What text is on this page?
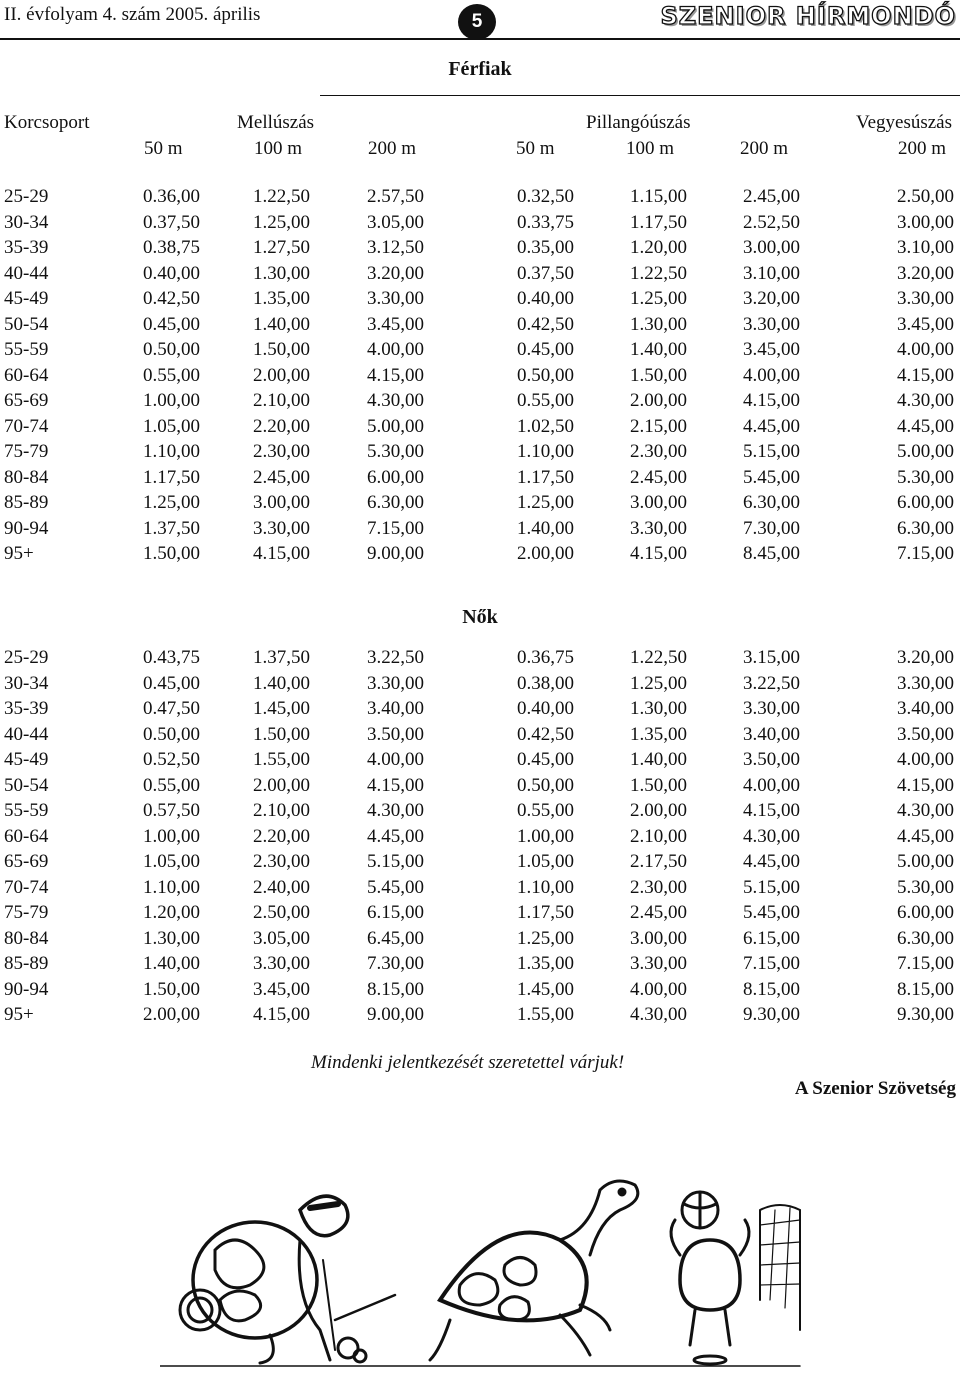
II. évfolyam 4. szám 2005. április	5	SZENIOR HÍRMONDÓ
Férfiak
Korcsoport	Mellúszás	Pillangóúszás	Vegyesúszás
50 m	100 m	200 m	50 m	100 m	200 m	200 m
25-29	0.36,00	1.22,50	2.57,50	0.32,50	1.15,00	2.45,00	2.50,00
30-34	0.37,50	1.25,00	3.05,00	0.33,75	1.17,50	2.52,50	3.00,00
35-39	0.38,75	1.27,50	3.12,50	0.35,00	1.20,00	3.00,00	3.10,00
40-44	0.40,00	1.30,00	3.20,00	0.37,50	1.22,50	3.10,00	3.20,00
45-49	0.42,50	1.35,00	3.30,00	0.40,00	1.25,00	3.20,00	3.30,00
50-54	0.45,00	1.40,00	3.45,00	0.42,50	1.30,00	3.30,00	3.45,00
55-59	0.50,00	1.50,00	4.00,00	0.45,00	1.40,00	3.45,00	4.00,00
60-64	0.55,00	2.00,00	4.15,00	0.50,00	1.50,00	4.00,00	4.15,00
65-69	1.00,00	2.10,00	4.30,00	0.55,00	2.00,00	4.15,00	4.30,00
70-74	1.05,00	2.20,00	5.00,00	1.02,50	2.15,00	4.45,00	4.45,00
75-79	1.10,00	2.30,00	5.30,00	1.10,00	2.30,00	5.15,00	5.00,00
80-84	1.17,50	2.45,00	6.00,00	1.17,50	2.45,00	5.45,00	5.30,00
85-89	1.25,00	3.00,00	6.30,00	1.25,00	3.00,00	6.30,00	6.00,00
90-94	1.37,50	3.30,00	7.15,00	1.40,00	3.30,00	7.30,00	6.30,00
95+	1.50,00	4.15,00	9.00,00	2.00,00	4.15,00	8.45,00	7.15,00
Nők
25-29	0.43,75	1.37,50	3.22,50	0.36,75	1.22,50	3.15,00	3.20,00
30-34	0.45,00	1.40,00	3.30,00	0.38,00	1.25,00	3.22,50	3.30,00
35-39	0.47,50	1.45,00	3.40,00	0.40,00	1.30,00	3.30,00	3.40,00
40-44	0.50,00	1.50,00	3.50,00	0.42,50	1.35,00	3.40,00	3.50,00
45-49	0.52,50	1.55,00	4.00,00	0.45,00	1.40,00	3.50,00	4.00,00
50-54	0.55,00	2.00,00	4.15,00	0.50,00	1.50,00	4.00,00	4.15,00
55-59	0.57,50	2.10,00	4.30,00	0.55,00	2.00,00	4.15,00	4.30,00
60-64	1.00,00	2.20,00	4.45,00	1.00,00	2.10,00	4.30,00	4.45,00
65-69	1.05,00	2.30,00	5.15,00	1.05,00	2.17,50	4.45,00	5.00,00
70-74	1.10,00	2.40,00	5.45,00	1.10,00	2.30,00	5.15,00	5.30,00
75-79	1.20,00	2.50,00	6.15,00	1.17,50	2.45,00	5.45,00	6.00,00
80-84	1.30,00	3.05,00	6.45,00	1.25,00	3.00,00	6.15,00	6.30,00
85-89	1.40,00	3.30,00	7.30,00	1.35,00	3.30,00	7.15,00	7.15,00
90-94	1.50,00	3.45,00	8.15,00	1.45,00	4.00,00	8.15,00	8.15,00
95+	2.00,00	4.15,00	9.00,00	1.55,00	4.30,00	9.30,00	9.30,00
Mindenki jelentkezését szeretettel várjuk!
A Szenior Szövetség
